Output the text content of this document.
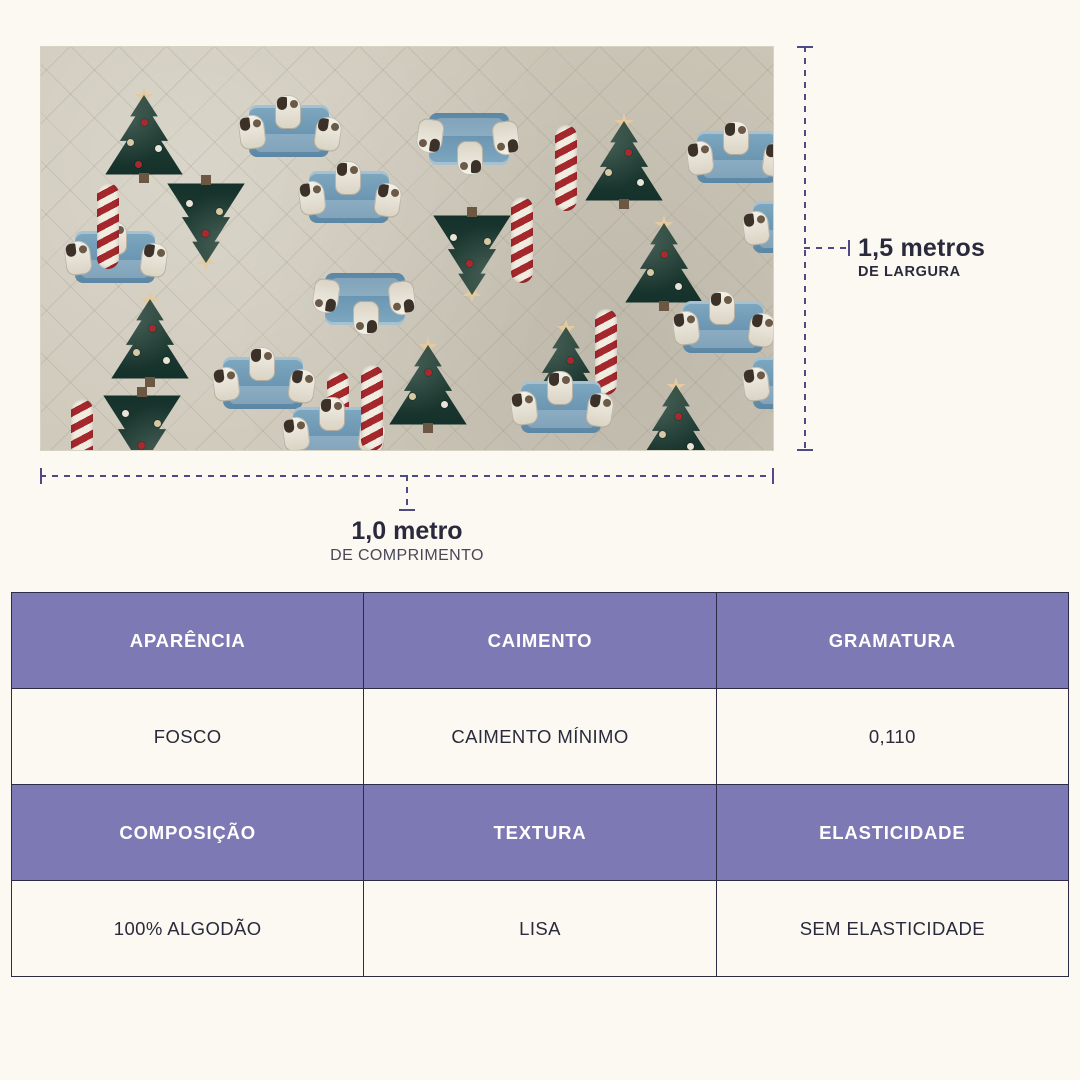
1,5 metros
DE LARGURA
1,0 metro
DE COMPRIMENTO
APARÊNCIA	CAIMENTO	GRAMATURA
FOSCO	CAIMENTO MÍNIMO	0,110
COMPOSIÇÃO	TEXTURA	ELASTICIDADE
100% ALGODÃO	LISA	SEM ELASTICIDADE
